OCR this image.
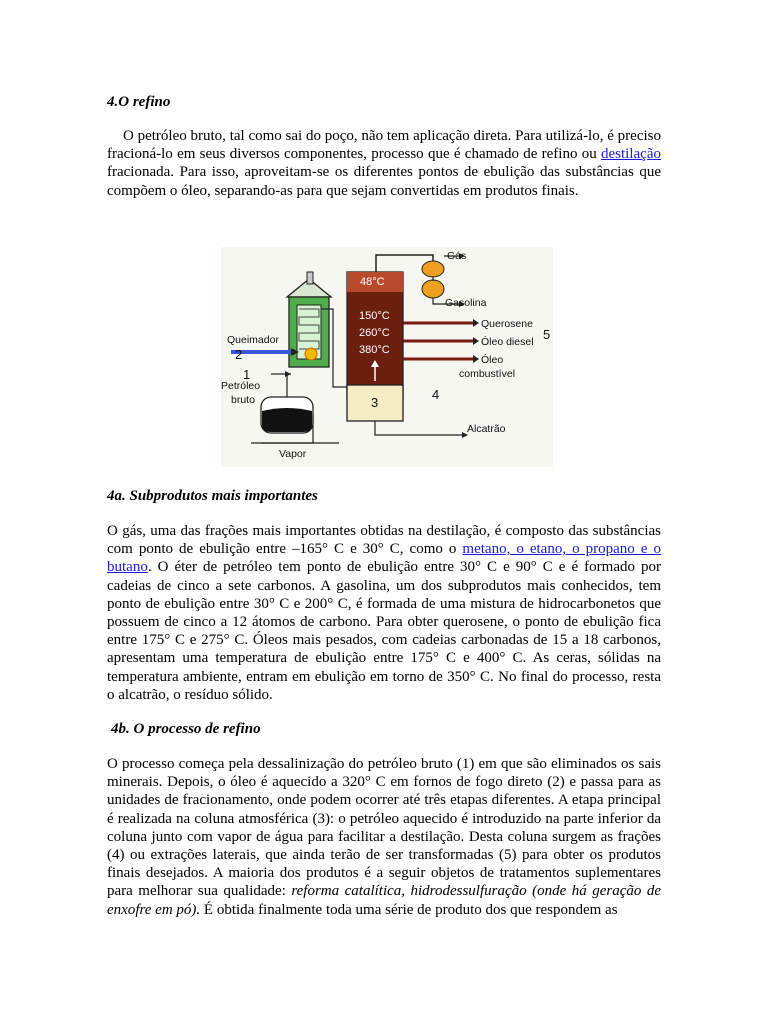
4.O refino

O petróleo bruto, tal como sai do poço, não tem aplicação direta. Para utilizá-lo, é preciso fracioná-lo em seus diversos componentes, processo que é chamado de refino ou destilação fracionada. Para isso, aproveitam-se os diferentes pontos de ebulição das substâncias que compõem o óleo, separando-as para que sejam convertidas em produtos finais.

Gás
Gasolina
Querosene
Óleo diesel
Óleo
combustível
Queimador
Petróleo
bruto
Alcatrão
Vapor
48°C
150°C
260°C
380°C
1
2
3
4
5
4a. Subprodutos mais importantes

O gás, uma das frações mais importantes obtidas na destilação, é composto das substâncias com ponto de ebulição entre –165° C e 30° C, como o metano, o etano, o propano e o butano. O éter de petróleo tem ponto de ebulição entre 30° C e 90° C e é formado por cadeias de cinco a sete carbonos. A gasolina, um dos subprodutos mais conhecidos, tem ponto de ebulição entre 30° C e 200° C, é formada de uma mistura de hidrocarbonetos que possuem de cinco a 12 átomos de carbono. Para obter querosene, o ponto de ebulição fica entre 175° C e 275° C. Óleos mais pesados, com cadeias carbonadas de 15 a 18 carbonos, apresentam uma temperatura de ebulição entre 175° C e 400° C. As ceras, sólidas na temperatura ambiente, entram em ebulição em torno de 350° C. No final do processo, resta o alcatrão, o resíduo sólido.

4b. O processo de refino

O processo começa pela dessalinização do petróleo bruto (1) em que são eliminados os sais minerais. Depois, o óleo é aquecido a 320° C em fornos de fogo direto (2) e passa para as unidades de fracionamento, onde podem ocorrer até três etapas diferentes. A etapa principal é realizada na coluna atmosférica (3): o petróleo aquecido é introduzido na parte inferior da coluna junto com vapor de água para facilitar a destilação. Desta coluna surgem as frações (4) ou extrações laterais, que ainda terão de ser transformadas (5) para obter os produtos finais desejados. A maioria dos produtos é a seguir objetos de tratamentos suplementares para melhorar sua qualidade: reforma catalítica, hidrodessulfuração (onde há geração de enxofre em pó). É obtida finalmente toda uma série de produto dos que respondem as
